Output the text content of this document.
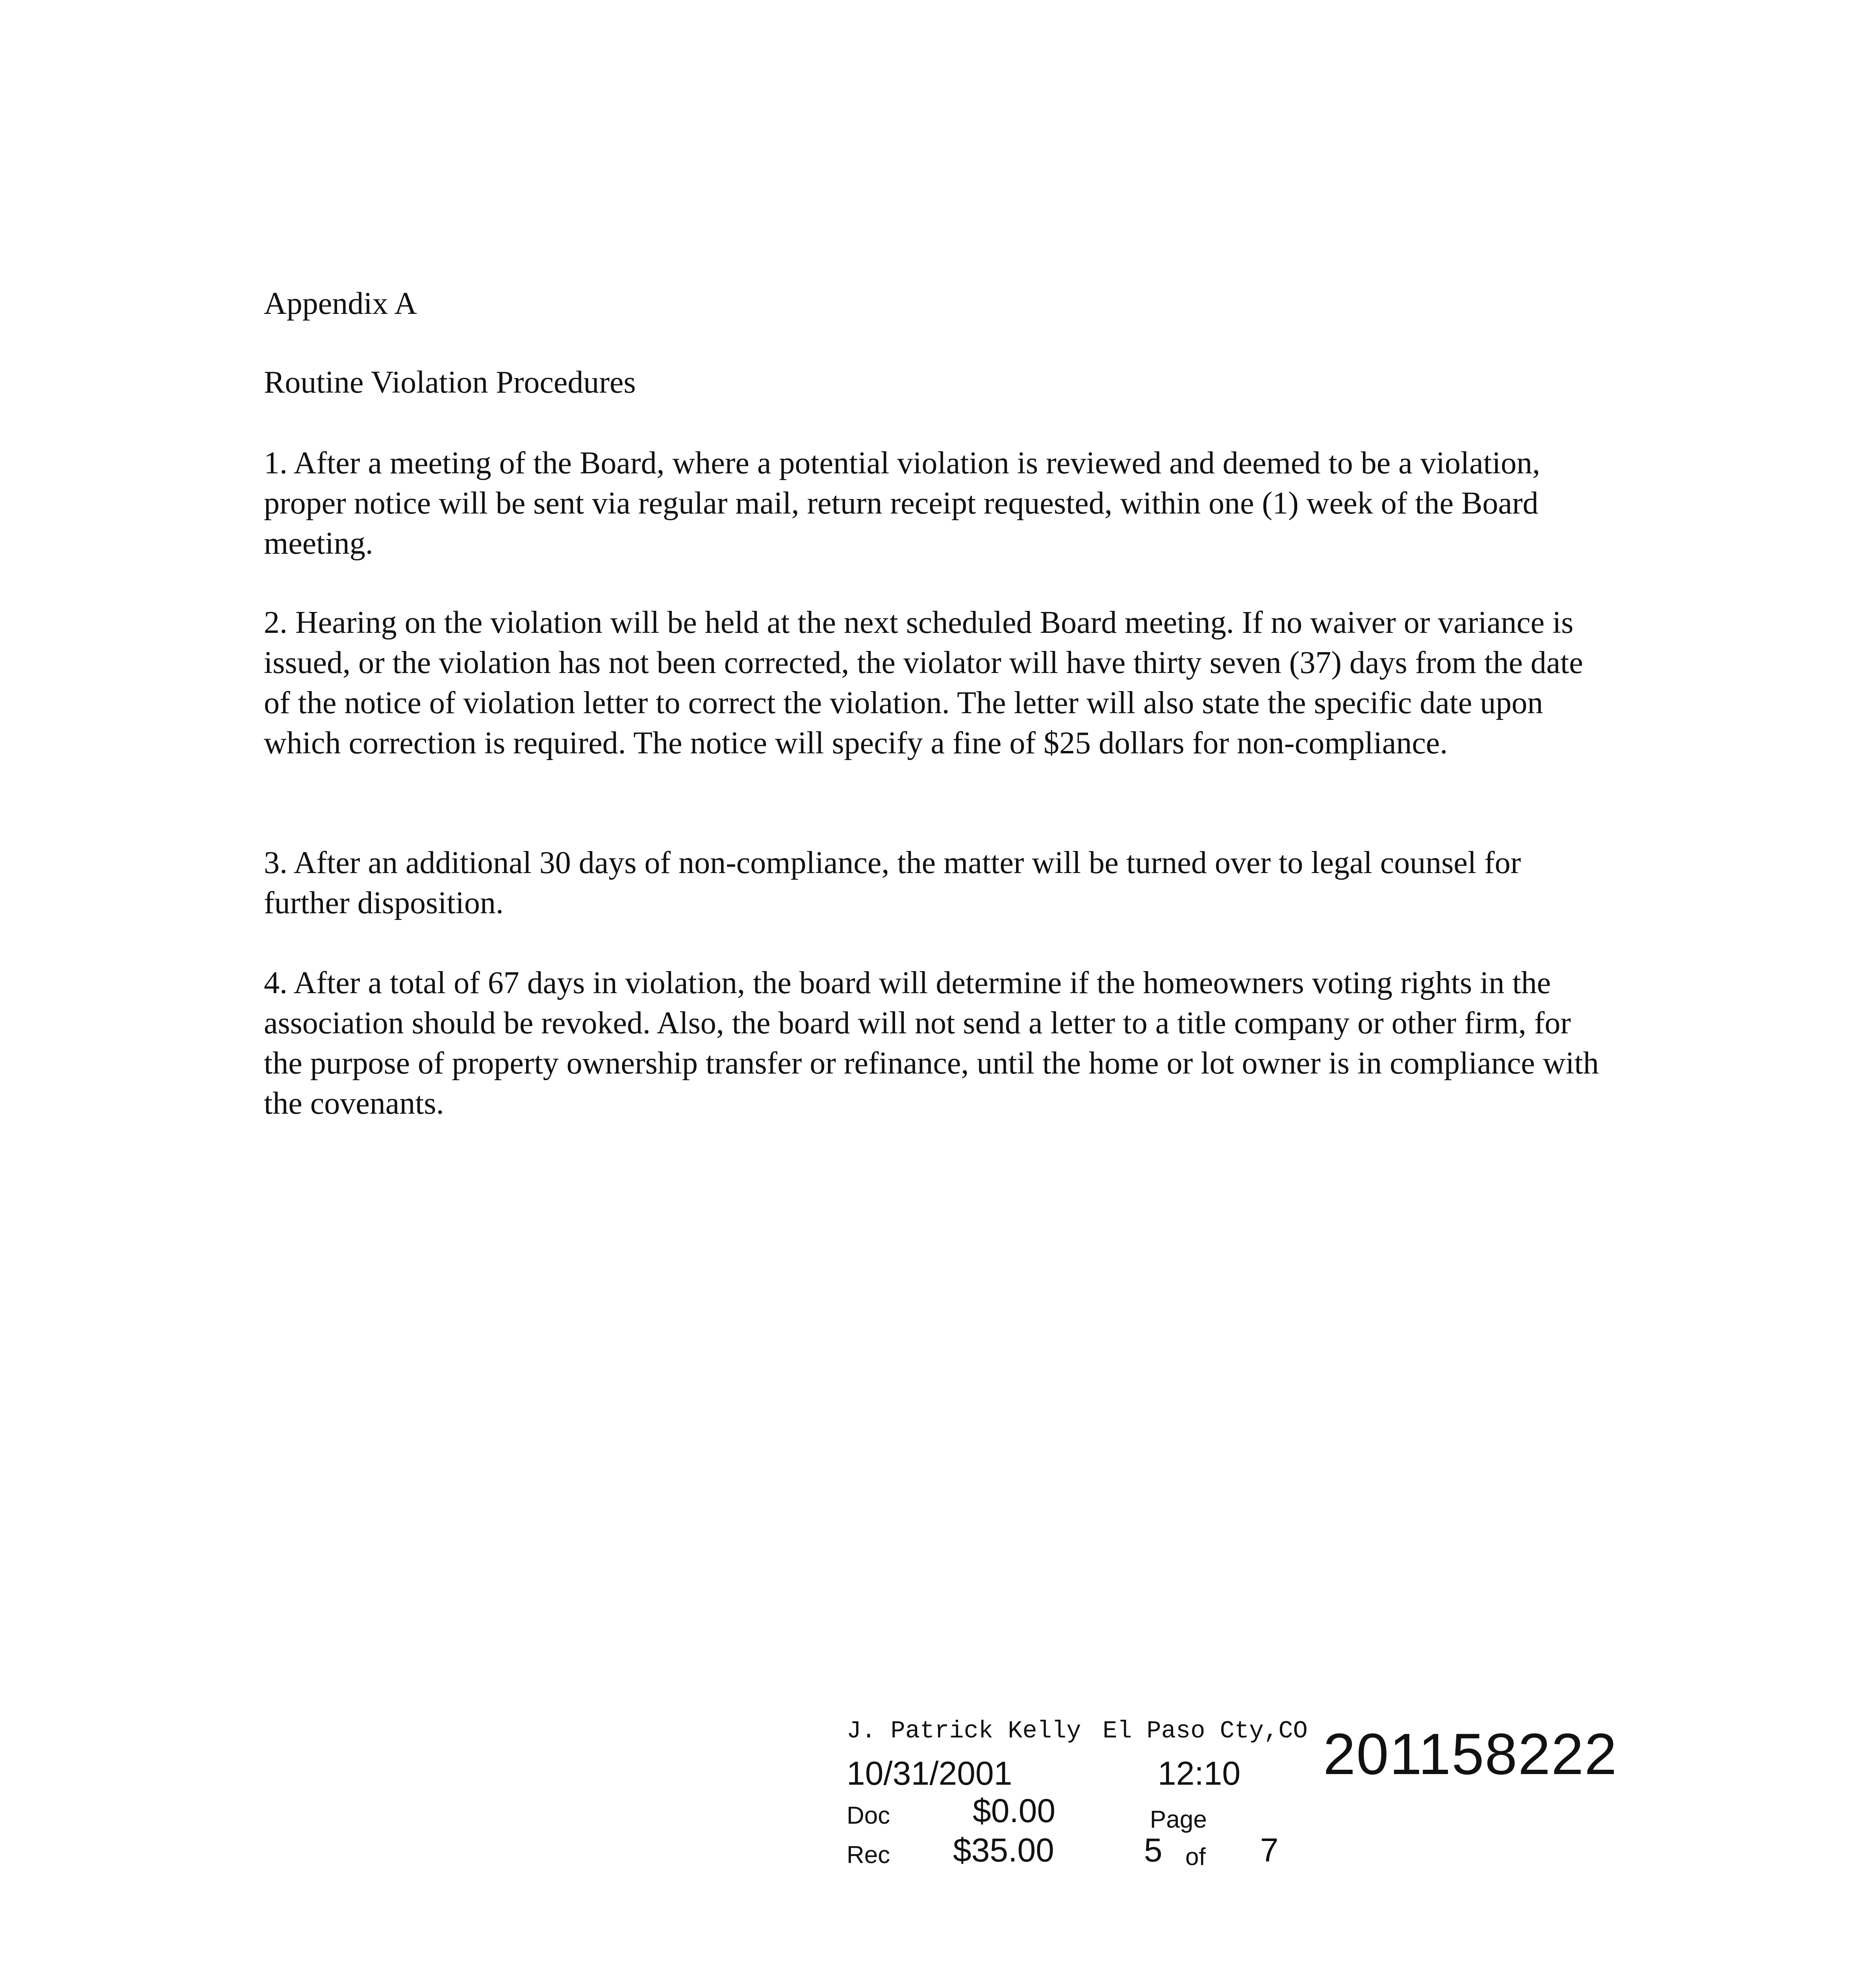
Appendix A
Routine Violation Procedures
1. After a meeting of the Board, where a potential violation is reviewed and deemed to be a violation, proper notice will be sent via regular mail, return receipt requested, within one (1) week of the Board meeting.
2. Hearing on the violation will be held at the next scheduled Board meeting. If no waiver or variance is issued, or the violation has not been corrected, the violator will have thirty seven (37) days from the date of the notice of violation letter to correct the violation. The letter will also state the specific date upon which correction is required. The notice will specify a fine of $25 dollars for non-compliance.
3. After an additional 30 days of non-compliance, the matter will be turned over to legal counsel for further disposition.
4. After a total of 67 days in violation, the board will determine if the homeowners voting rights in the association should be revoked. Also, the board will not send a letter to a title company or other firm, for the purpose of property ownership transfer or refinance, until the home or lot owner is in compliance with the covenants.
J. Patrick Kelly El Paso Cty,CO 201158222
10/31/2001	12:10
Doc $0.00	Page
Rec $35.00	5 of 7
